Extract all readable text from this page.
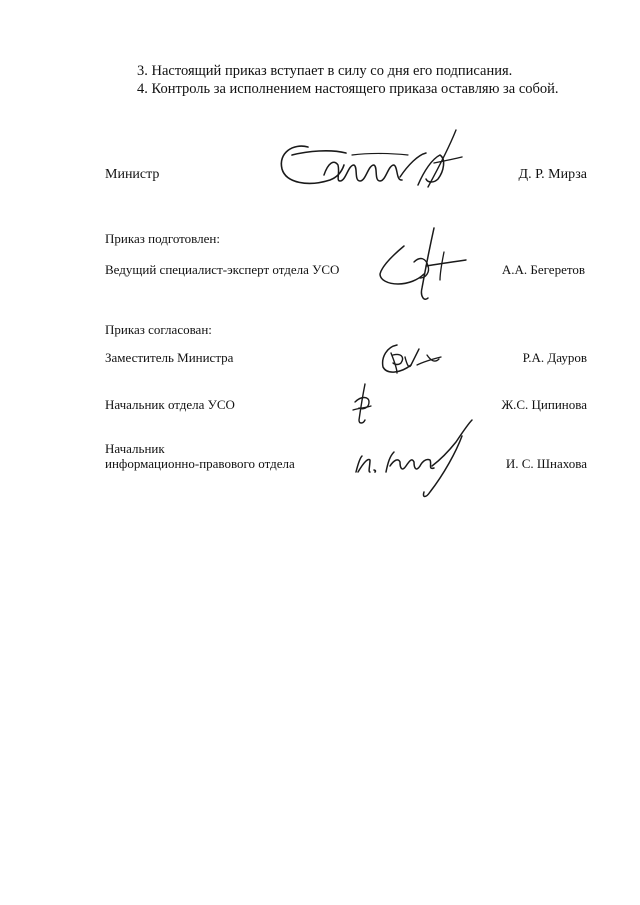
3. Настоящий приказ вступает в силу со дня его подписания.
4. Контроль за исполнением настоящего приказа оставляю за собой.
Министр	Д. Р. Мирза
Приказ подготовлен:
Ведущий специалист-эксперт отдела УСО	А.А. Бегеретов
Приказ согласован:
Заместитель Министра	Р.А. Дауров
Начальник отдела УСО	Ж.С. Ципинова
Начальник
информационно-правового отдела	И. С. Шнахова
